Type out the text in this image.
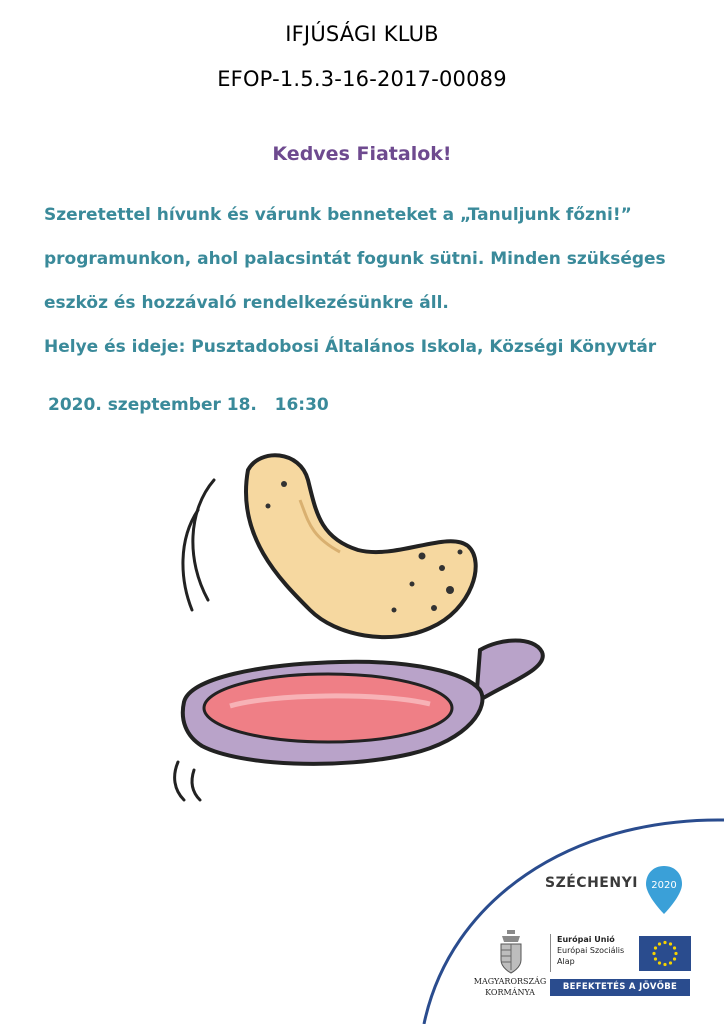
IFJÚSÁGI KLUB
EFOP-1.5.3-16-2017-00089
Kedves Fiatalok!

Szeretettel hívunk és várunk benneteket a „Tanuljunk főzni!” programunkon, ahol palacsintát fogunk sütni. Minden szükséges eszköz és hozzávaló rendelkezésünkre áll.

Helye és ideje: Pusztadobosi Általános Iskola, Községi Könyvtár

2020. szeptember 18.   16:30

SZÉCHENYI 2020
MAGYARORSZÁG
KORMÁNYA
Európai Unió
Európai Szociális
Alap
BEFEKTETÉS A JÖVŐBE
